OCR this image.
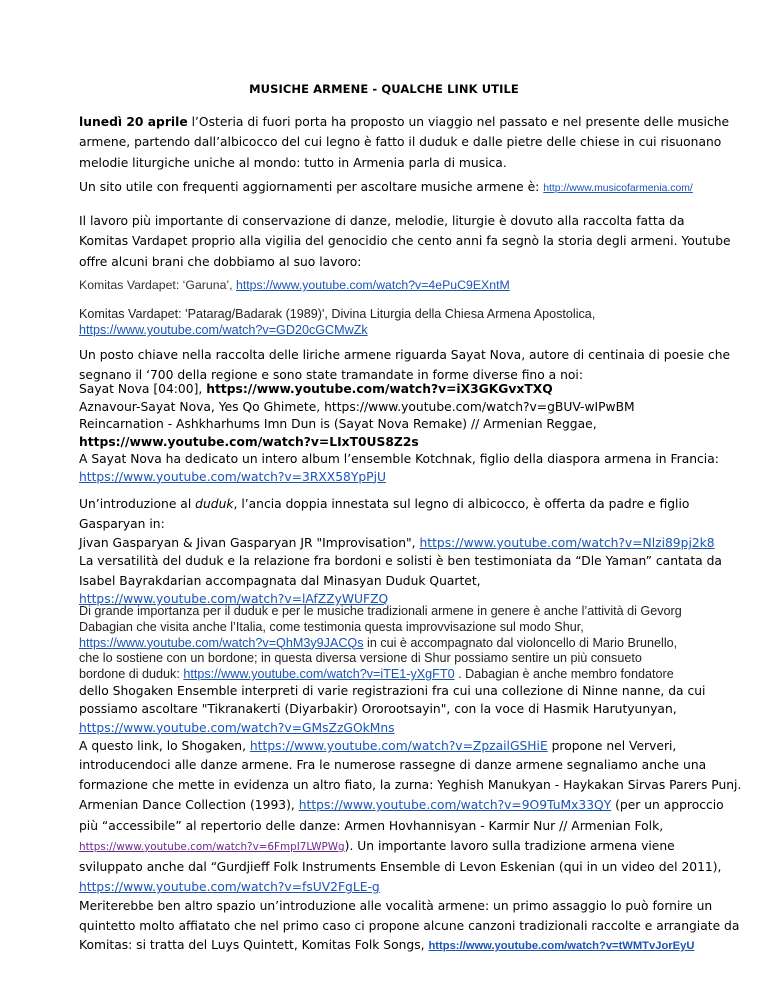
MUSICHE ARMENE - QUALCHE LINK UTILE
lunedì 20 aprile l’Osteria di fuori porta ha proposto un viaggio nel passato e nel presente delle musiche
armene, partendo dall’albicocco del cui legno è fatto il duduk e dalle pietre delle chiese in cui risuonano
melodie liturgiche uniche al mondo: tutto in Armenia parla di musica.
Un sito utile con frequenti aggiornamenti per ascoltare musiche armene è: http://www.musicofarmenia.com/
Il lavoro più importante di conservazione di danze, melodie, liturgie è dovuto alla raccolta fatta da
Komitas Vardapet proprio alla vigilia del genocidio che cento anni fa segnò la storia degli armeni. Youtube
offre alcuni brani che dobbiamo al suo lavoro:
Komitas Vardapet: ‘Garuna’, https://www.youtube.com/watch?v=4ePuC9EXntM
Komitas Vardapet: 'Patarag/Badarak (1989)', Divina Liturgia della Chiesa Armena Apostolica,
https://www.youtube.com/watch?v=GD20cGCMwZk
Un posto chiave nella raccolta delle liriche armene riguarda Sayat Nova, autore di centinaia di poesie che
segnano il ‘700 della regione e sono state tramandate in forme diverse fino a noi:
Sayat Nova [04:00], https://www.youtube.com/watch?v=iX3GKGvxTXQ
Aznavour-Sayat Nova, Yes Qo Ghimete, https://www.youtube.com/watch?v=gBUV-wIPwBM
Reincarnation - Ashkharhums Imn Dun is (Sayat Nova Remake) // Armenian Reggae,
https://www.youtube.com/watch?v=LIxT0US8Z2s
A Sayat Nova ha dedicato un intero album l’ensemble Kotchnak, figlio della diaspora armena in Francia:
https://www.youtube.com/watch?v=3RXX58YpPjU
Un’introduzione al duduk, l’ancia doppia innestata sul legno di albicocco, è offerta da padre e figlio
Gasparyan in:
Jivan Gasparyan & Jivan Gasparyan JR "Improvisation", https://www.youtube.com/watch?v=Nlzi89pj2k8
La versatilità del duduk e la relazione fra bordoni e solisti è ben testimoniata da “Dle Yaman” cantata da
Isabel Bayrakdarian accompagnata dal Minasyan Duduk Quartet,
https://www.youtube.com/watch?v=lAfZZyWUFZQ
Di grande importanza per il duduk e per le musiche tradizionali armene in genere è anche l’attività di Gevorg
Dabagian che visita anche l’Italia, come testimonia questa improvvisazione sul modo Shur,
https://www.youtube.com/watch?v=QhM3y9JACQs in cui è accompagnato dal violoncello di Mario Brunello,
che lo sostiene con un bordone; in questa diversa versione di Shur possiamo sentire un più consueto
bordone di duduk: https://www.youtube.com/watch?v=iTE1-yXgFT0 . Dabagian è anche membro fondatore
dello Shogaken Ensemble interpreti di varie registrazioni fra cui una collezione di Ninne nanne, da cui
possiamo ascoltare "Tikranakerti (Diyarbakir) Ororootsayin", con la voce di Hasmik Harutyunyan,
https://www.youtube.com/watch?v=GMsZzGOkMns
A questo link, lo Shogaken, https://www.youtube.com/watch?v=ZpzailGSHiE propone nel Ververi,
introducendoci alle danze armene. Fra le numerose rassegne di danze armene segnaliamo anche una
formazione che mette in evidenza un altro fiato, la zurna: Yeghish Manukyan - Haykakan Sirvas Parers Punj.
Armenian Dance Collection (1993), https://www.youtube.com/watch?v=9O9TuMx33QY (per un approccio
più “accessibile” al repertorio delle danze: Armen Hovhannisyan - Karmir Nur // Armenian Folk,
https://www.youtube.com/watch?v=6FmpI7LWPWg). Un importante lavoro sulla tradizione armena viene
sviluppato anche dal “Gurdjieff Folk Instruments Ensemble di Levon Eskenian (qui in un video del 2011),
https://www.youtube.com/watch?v=fsUV2FgLE-g
Meriterebbe ben altro spazio un’introduzione alle vocalità armene: un primo assaggio lo può fornire un
quintetto molto affiatato che nel primo caso ci propone alcune canzoni tradizionali raccolte e arrangiate da
Komitas: si tratta del Luys Quintett, Komitas Folk Songs, https://www.youtube.com/watch?v=tWMTvJorEyU
